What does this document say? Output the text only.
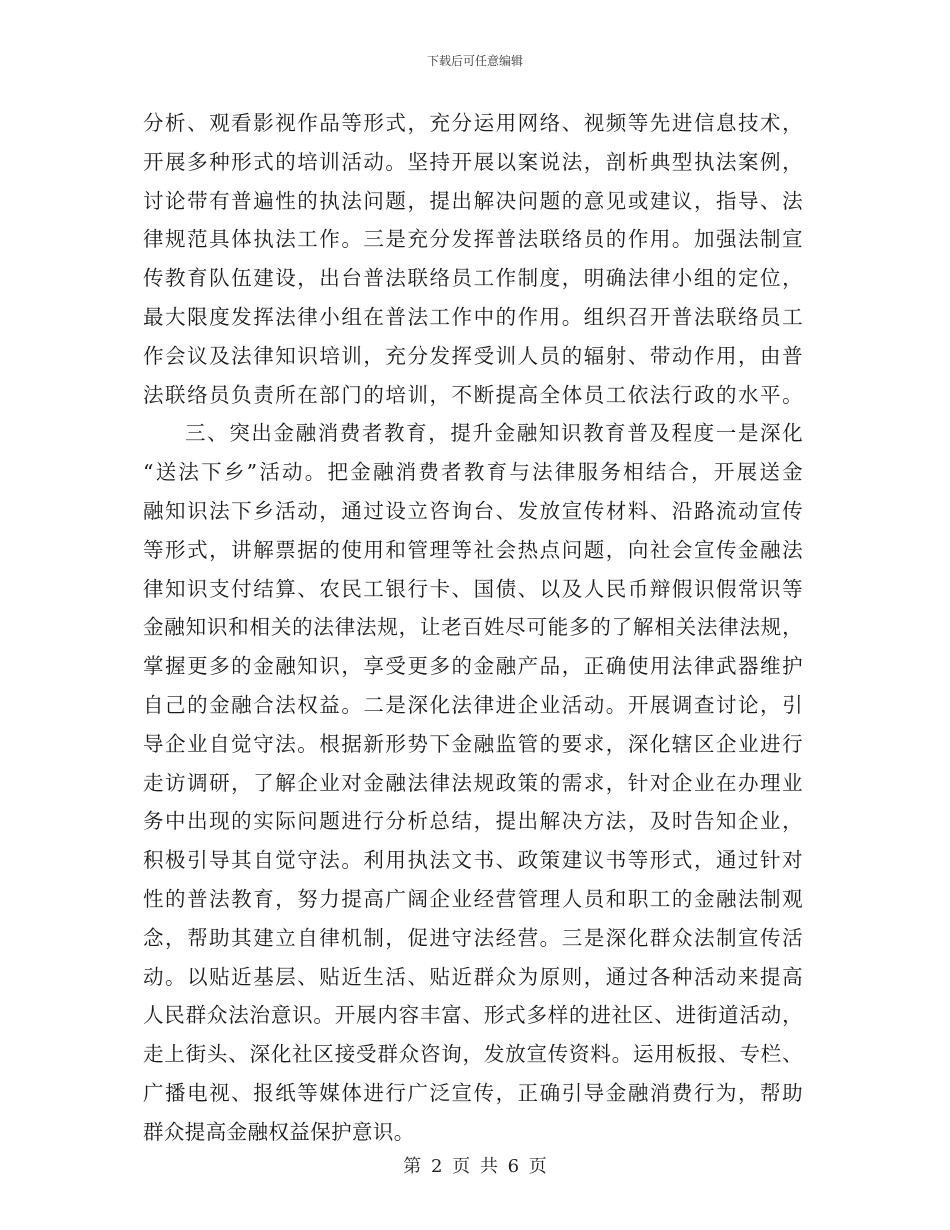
下载后可任意编辑
分析、观看影视作品等形式，充分运用网络、视频等先进信息技术，
开展多种形式的培训活动。坚持开展以案说法，剖析典型执法案例，
讨论带有普遍性的执法问题，提出解决问题的意见或建议，指导、法
律规范具体执法工作。三是充分发挥普法联络员的作用。加强法制宣
传教育队伍建设，出台普法联络员工作制度，明确法律小组的定位，
最大限度发挥法律小组在普法工作中的作用。组织召开普法联络员工
作会议及法律知识培训，充分发挥受训人员的辐射、带动作用，由普
法联络员负责所在部门的培训，不断提高全体员工依法行政的水平。
三、突出金融消费者教育，提升金融知识教育普及程度一是深化
“送法下乡”活动。把金融消费者教育与法律服务相结合，开展送金
融知识法下乡活动，通过设立咨询台、发放宣传材料、沿路流动宣传
等形式，讲解票据的使用和管理等社会热点问题，向社会宣传金融法
律知识支付结算、农民工银行卡、国债、以及人民币辩假识假常识等
金融知识和相关的法律法规，让老百姓尽可能多的了解相关法律法规，
掌握更多的金融知识，享受更多的金融产品，正确使用法律武器维护
自己的金融合法权益。二是深化法律进企业活动。开展调查讨论，引
导企业自觉守法。根据新形势下金融监管的要求，深化辖区企业进行
走访调研，了解企业对金融法律法规政策的需求，针对企业在办理业
务中出现的实际问题进行分析总结，提出解决方法，及时告知企业，
积极引导其自觉守法。利用执法文书、政策建议书等形式，通过针对
性的普法教育，努力提高广阔企业经营管理人员和职工的金融法制观
念，帮助其建立自律机制，促进守法经营。三是深化群众法制宣传活
动。以贴近基层、贴近生活、贴近群众为原则，通过各种活动来提高
人民群众法治意识。开展内容丰富、形式多样的进社区、进街道活动，
走上街头、深化社区接受群众咨询，发放宣传资料。运用板报、专栏、
广播电视、报纸等媒体进行广泛宣传，正确引导金融消费行为，帮助
群众提高金融权益保护意识。
第 2 页 共 6 页
